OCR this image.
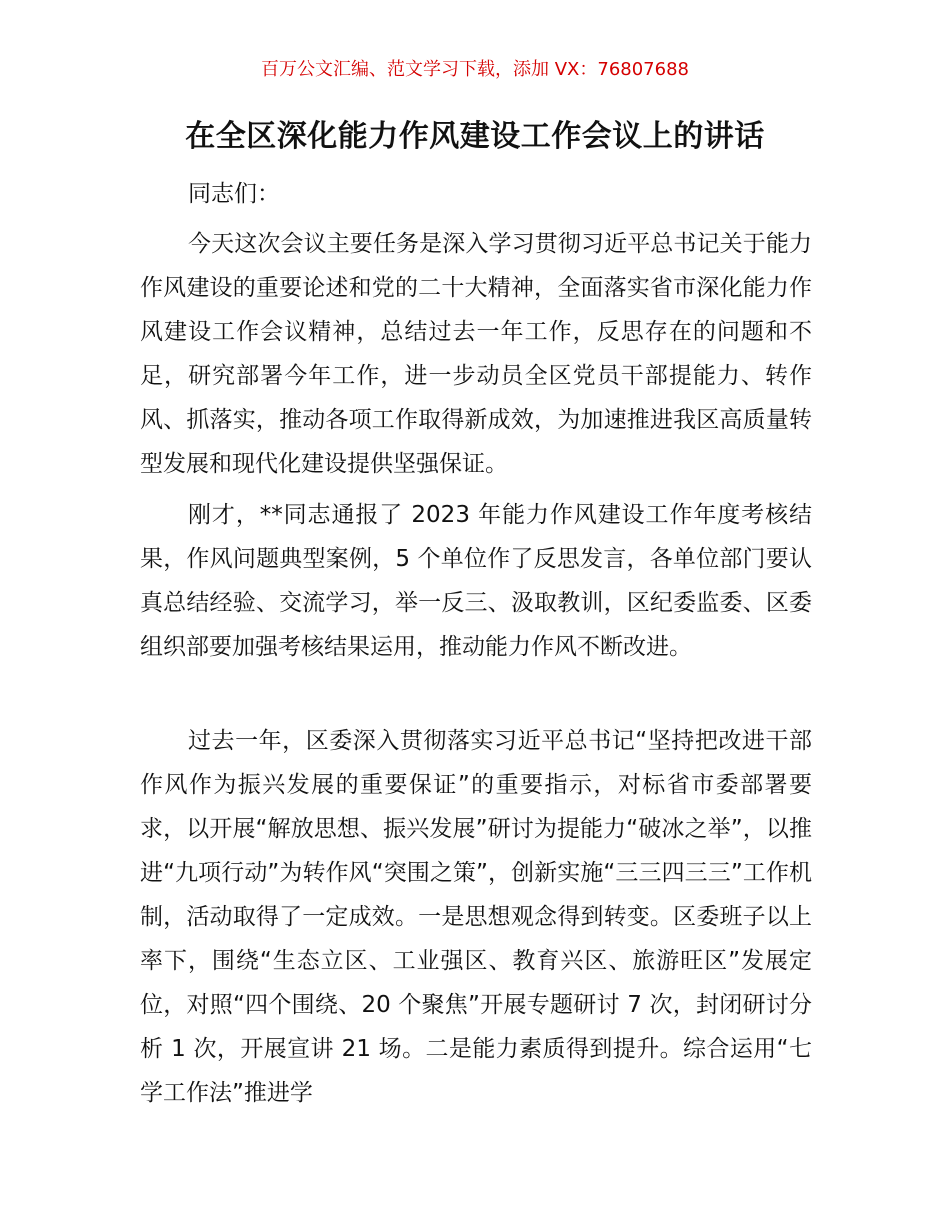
百万公文汇编、范文学习下载，添加 VX：76807688
在全区深化能力作风建设工作会议上的讲话
同志们：

今天这次会议主要任务是深入学习贯彻习近平总书记关于能力作风建设的重要论述和党的二十大精神，全面落实省市深化能力作风建设工作会议精神，总结过去一年工作，反思存在的问题和不足，研究部署今年工作，进一步动员全区党员干部提能力、转作风、抓落实，推动各项工作取得新成效，为加速推进我区高质量转型发展和现代化建设提供坚强保证。

刚才，**同志通报了 2023 年能力作风建设工作年度考核结果，作风问题典型案例，5 个单位作了反思发言，各单位部门要认真总结经验、交流学习，举一反三、汲取教训，区纪委监委、区委组织部要加强考核结果运用，推动能力作风不断改进。

过去一年，区委深入贯彻落实习近平总书记“坚持把改进干部作风作为振兴发展的重要保证”的重要指示，对标省市委部署要求，以开展“解放思想、振兴发展”研讨为提能力“破冰之举”，以推进“九项行动”为转作风“突围之策”，创新实施“三三四三三”工作机制，活动取得了一定成效。一是思想观念得到转变。区委班子以上率下，围绕“生态立区、工业强区、教育兴区、旅游旺区”发展定位，对照“四个围绕、20 个聚焦”开展专题研讨 7 次，封闭研讨分析 1 次，开展宣讲 21 场。二是能力素质得到提升。综合运用“七学工作法”推进学
